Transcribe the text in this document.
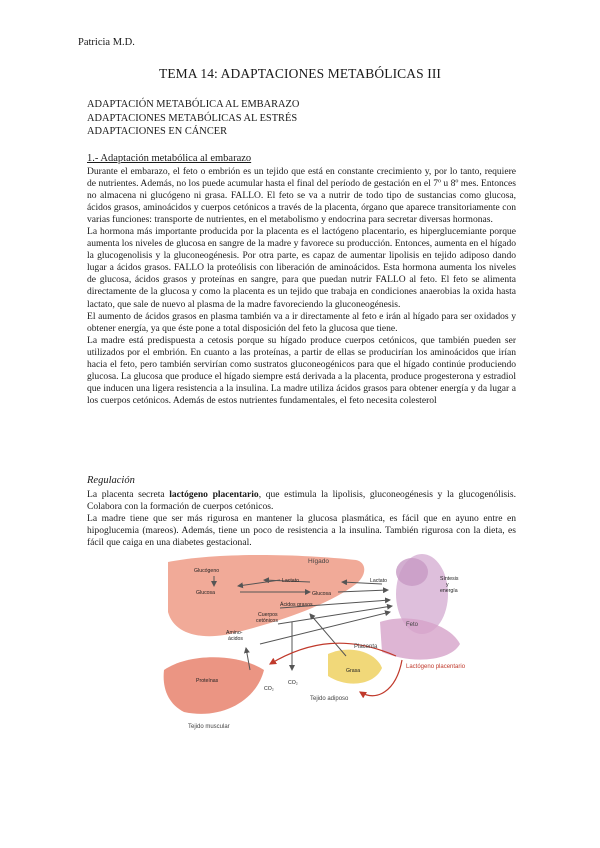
Patricia M.D.
TEMA 14: ADAPTACIONES METABÓLICAS III
ADAPTACIÓN METABÓLICA AL EMBARAZO
ADAPTACIONES METABÓLICAS AL ESTRÉS
ADAPTACIONES EN CÁNCER
1.- Adaptación metabólica al embarazo

Durante el embarazo, el feto o embrión es un tejido que está en constante crecimiento y, por lo tanto, requiere de nutrientes. Además, no los puede acumular hasta el final del período de gestación en el 7º u 8º mes. Entonces no almacena ni glucógeno ni grasa. FALLO. El feto se va a nutrir de todo tipo de sustancias como glucosa, ácidos grasos, aminoácidos y cuerpos cetónicos a través de la placenta, órgano que aparece transitoriamente con varias funciones: transporte de nutrientes, en el metabolismo y endocrina para secretar diversas hormonas.

La hormona más importante producida por la placenta es el lactógeno placentario, es hiperglucemiante porque aumenta los niveles de glucosa en sangre de la madre y favorece su producción. Entonces, aumenta en el hígado la glucogenolisis y la gluconeogénesis. Por otra parte, es capaz de aumentar lipolisis en tejido adiposo dando lugar a ácidos grasos. FALLO la proteólisis con liberación de aminoácidos. Esta hormona aumenta los niveles de glucosa, ácidos grasos y proteínas en sangre, para que puedan nutrir FALLO al feto. El feto se alimenta directamente de la glucosa y como la placenta es un tejido que trabaja en condiciones anaerobias la oxida hasta lactato, que sale de nuevo al plasma de la madre favoreciendo la gluconeogénesis.

El aumento de ácidos grasos en plasma también va a ir directamente al feto e irán al hígado para ser oxidados y obtener energía, ya que éste pone a total disposición del feto la glucosa que tiene.

La madre está predispuesta a cetosis porque su hígado produce cuerpos cetónicos, que también pueden ser utilizados por el embrión. En cuanto a las proteínas, a partir de ellas se producirían los aminoácidos que irían hacia el feto, pero también servirían como sustratos gluconeogénicos para que el hígado continúe produciendo glucosa. La glucosa que produce el hígado siempre está derivada a la placenta, produce progesterona y estradiol que inducen una ligera resistencia a la insulina. La madre utiliza ácidos grasos para obtener energía y da lugar a los cuerpos cetónicos. Además de estos nutrientes fundamentales, el feto necesita colesterol

Regulación

La placenta secreta lactógeno placentario, que estimula la lipolisis, gluconeogénesis y la glucogenólisis. Colabora con la formación de cuerpos cetónicos.

La madre tiene que ser más rigurosa en mantener la glucosa plasmática, es fácil que en ayuno entre en hipoglucemia (mareos). Además, tiene un poco de resistencia a la insulina. También rigurosa con la dieta, es fácil que caiga en una diabetes gestacional.

Hígado
Glucógeno
Glucosa
Lactato	Lactato
Glucosa
Ácidos grasos
Cuerpos
cetónicos
Amino-
ácidos
Síntesis
y
energía
Feto
Placenta
Lactógeno placentario
Proteínas
CO₂
CO₂
Grasa
Tejido adiposo
Tejido muscular
